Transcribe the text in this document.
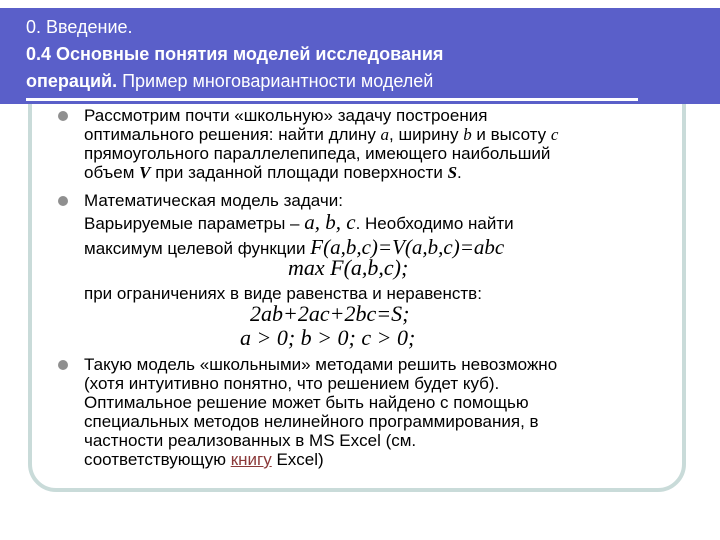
0. Введение.
0.4 Основные понятия моделей исследования
операций. Пример многовариантности моделей
Рассмотрим почти «школьную» задачу построения
оптимального решения: найти длину a, ширину b и высоту c
прямоугольного параллелепипеда, имеющего наибольший
объем V при заданной площади поверхности S.
Математическая модель задачи:
Варьируемые параметры – a, b, c. Необходимо найти
максимум целевой функции F(a,b,c)=V(a,b,c)=abc
max F(a,b,c);
при ограничениях в виде равенства и неравенств:
2ab+2ac+2bc=S;
a > 0; b > 0; c > 0;
Такую модель «школьными» методами решить невозможно
(хотя интуитивно понятно, что решением будет куб).
Оптимальное решение может быть найдено с помощью
специальных методов нелинейного программирования, в
частности реализованных в MS Excel (см.
соответствующую книгу Excel)
